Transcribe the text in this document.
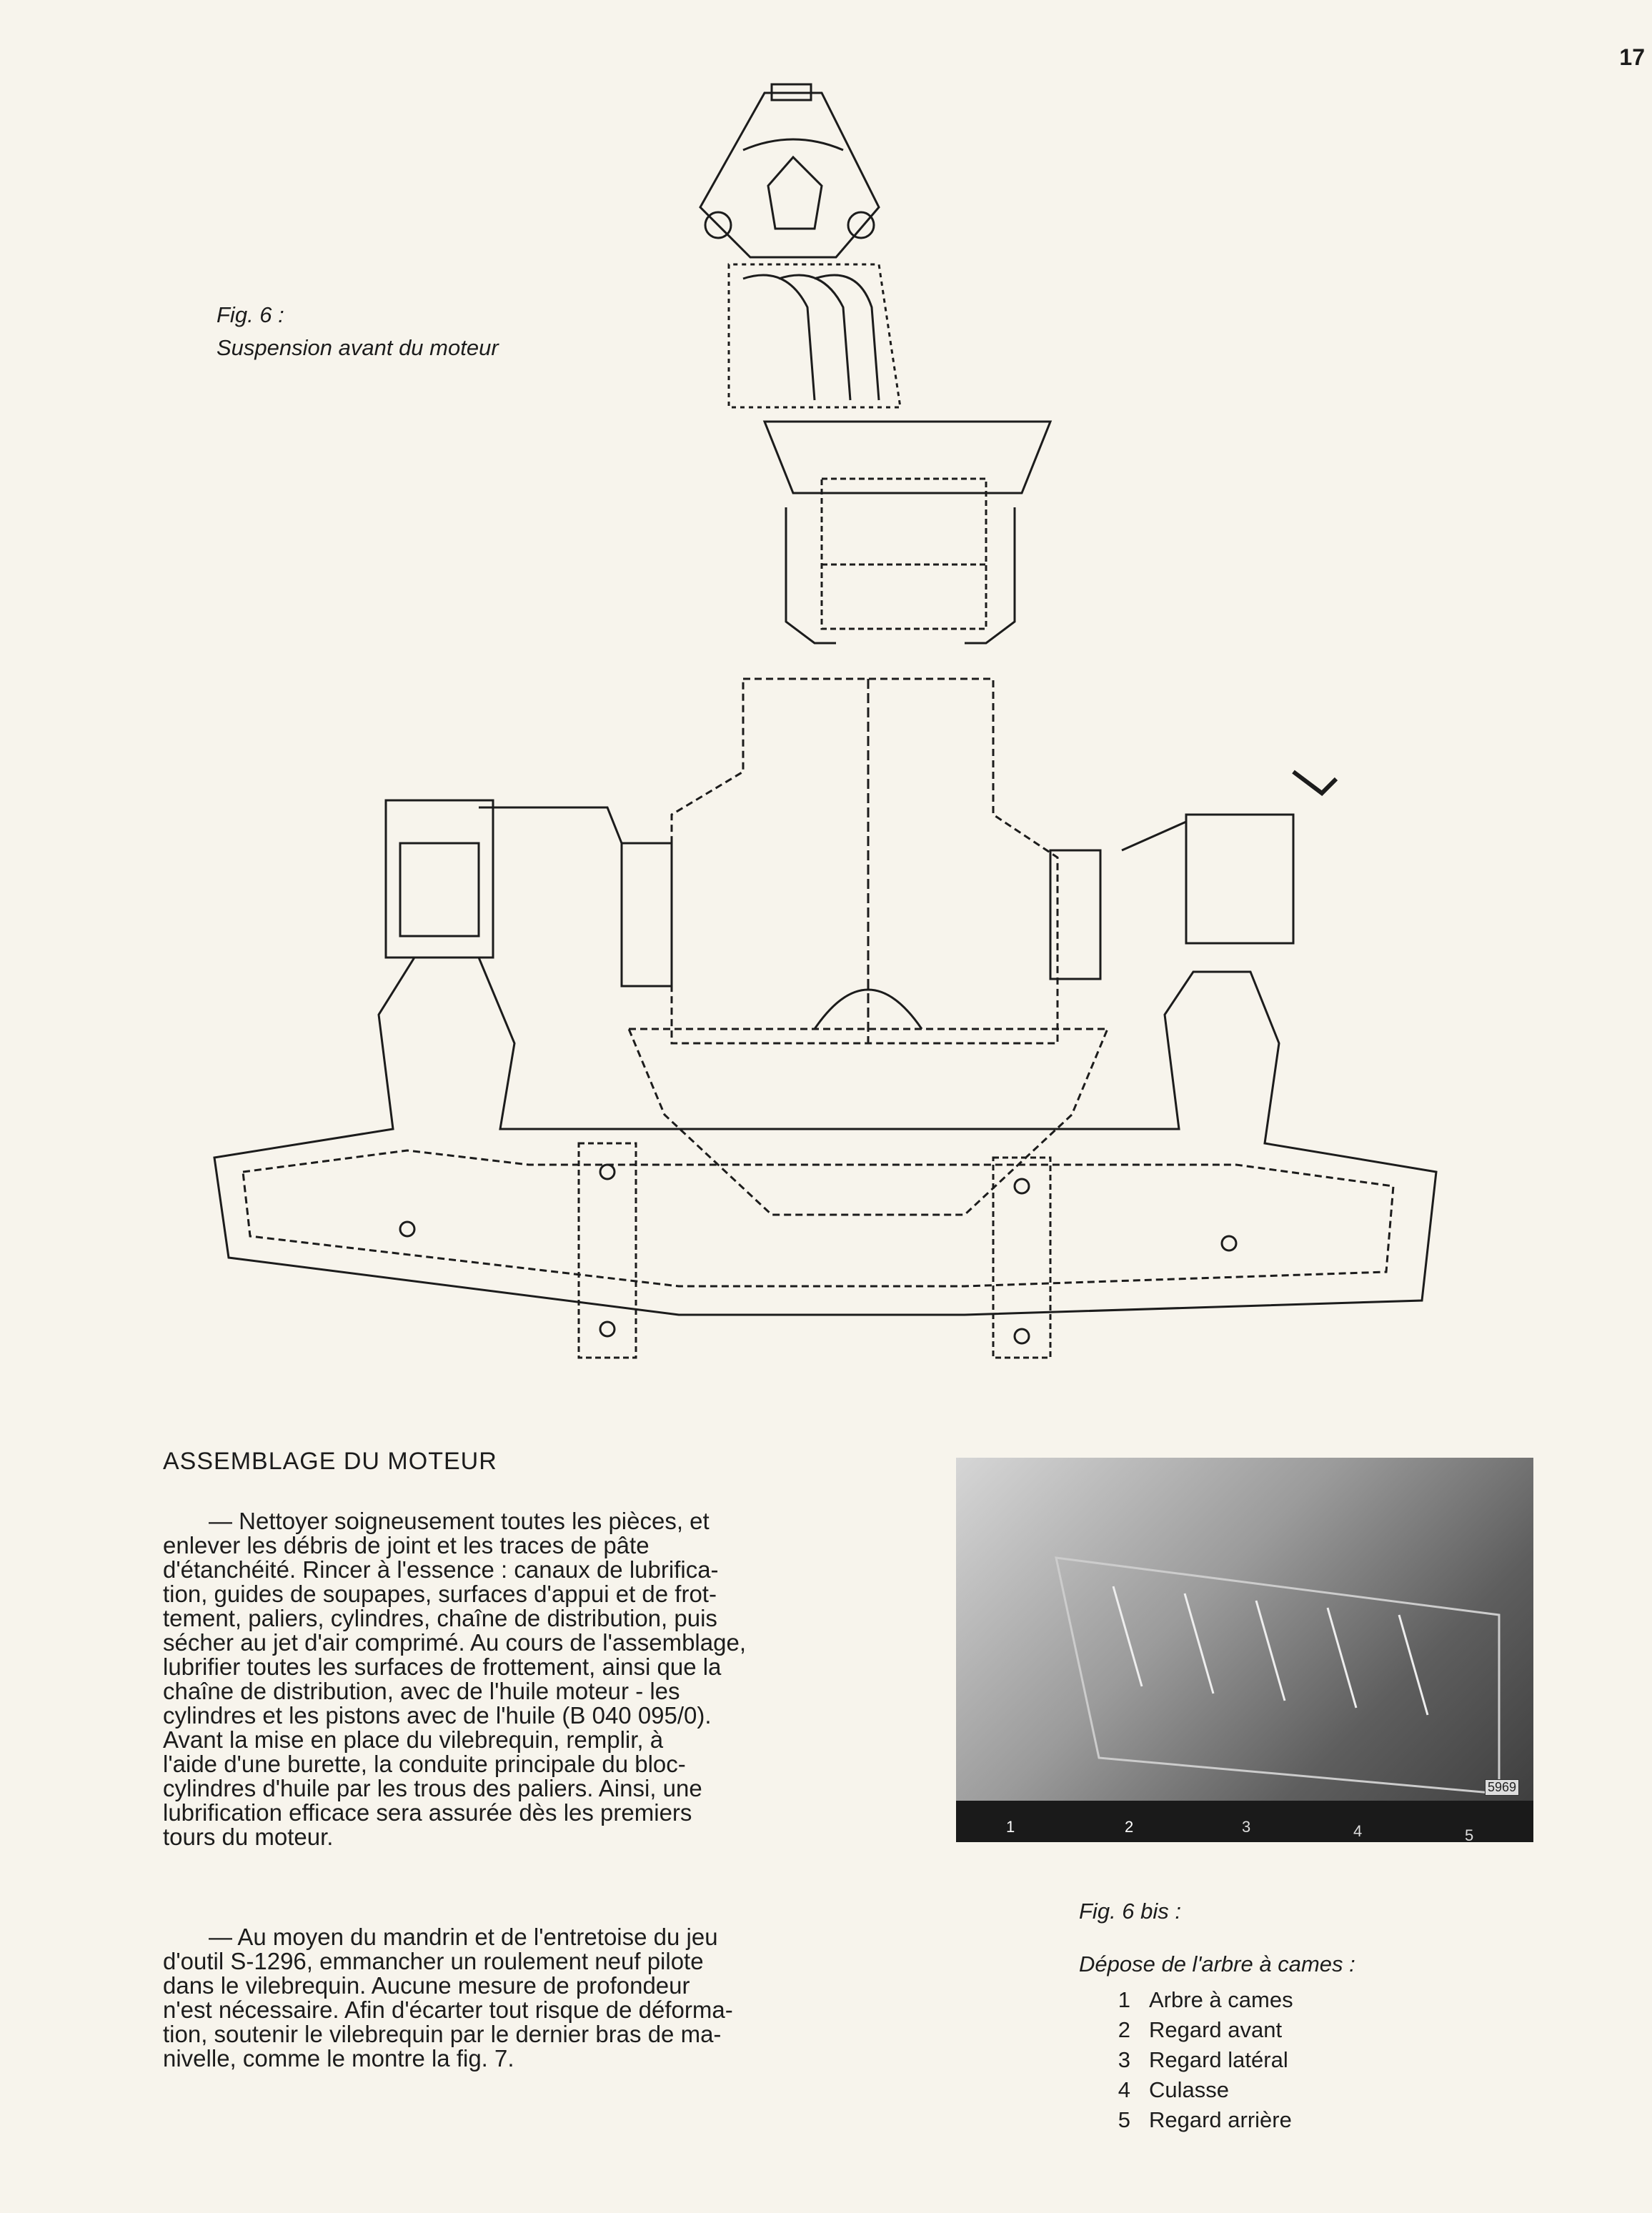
17
Fig. 6 :
Suspension avant du moteur
ASSEMBLAGE DU MOTEUR
— Nettoyer soigneusement toutes les pièces, et
enlever les débris de joint et les traces de pâte
d'étanchéité. Rincer à l'essence : canaux de lubrifica-
tion, guides de soupapes, surfaces d'appui et de frot-
tement, paliers, cylindres, chaîne de distribution, puis
sécher au jet d'air comprimé. Au cours de l'assemblage,
lubrifier toutes les surfaces de frottement, ainsi que la
chaîne de distribution, avec de l'huile moteur - les
cylindres et les pistons avec de l'huile (B 040 095/0).
Avant la mise en place du vilebrequin, remplir, à
l'aide d'une burette, la conduite principale du bloc-
cylindres d'huile par les trous des paliers. Ainsi, une
lubrification efficace sera assurée dès les premiers
tours du moteur.
— Au moyen du mandrin et de l'entretoise du jeu
d'outil S-1296, emmancher un roulement neuf pilote
dans le vilebrequin. Aucune mesure de profondeur
n'est nécessaire. Afin d'écarter tout risque de déforma-
tion, soutenir le vilebrequin par le dernier bras de ma-
nivelle, comme le montre la fig. 7.
1	2	3	4	5
5969
Fig. 6 bis :
Dépose de l'arbre à cames :
1 Arbre à cames
2 Regard avant
3 Regard latéral
4 Culasse
5 Regard arrière
